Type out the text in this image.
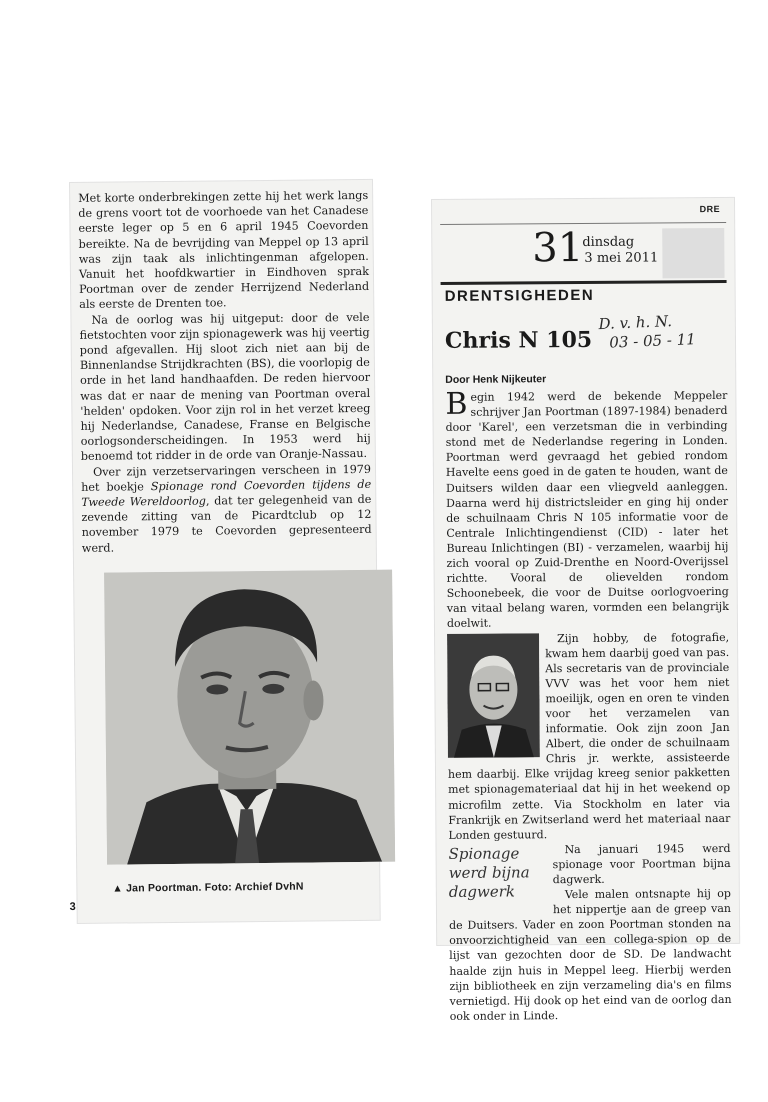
Met korte onderbrekingen zette hij het werk langs de grens voort tot de voorhoede van het Canadese eerste leger op 5 en 6 april 1945 Coevorden bereikte. Na de bevrijding van Meppel op 13 april was zijn taak als inlichtingenman afgelopen. Vanuit het hoofdkwartier in Eindhoven sprak Poortman over de zender Herrijzend Nederland als eerste de Drenten toe.

Na de oorlog was hij uitgeput: door de vele fietstochten voor zijn spionagewerk was hij veertig pond afgevallen. Hij sloot zich niet aan bij de Binnenlandse Strijdkrachten (BS), die voorlopig de orde in het land handhaafden. De reden hiervoor was dat er naar de mening van Poortman overal 'helden' opdoken. Voor zijn rol in het verzet kreeg hij Nederlandse, Canadese, Franse en Belgische oorlogsonderscheidingen. In 1953 werd hij benoemd tot ridder in de orde van Oranje-Nassau.

Over zijn verzetservaringen verscheen in 1979 het boekje Spionage rond Coevorden tijdens de Tweede Wereldoorlog, dat ter gelegenheid van de zevende zitting van de Picardtclub op 12 november 1979 te Coevorden gepresenteerd werd.

▲ Jan Poortman. Foto: Archief DvhN
3
DRE
31
dinsdag
3 mei 2011
DRENTSIGHEDEN
Chris N 105
D. v. h. N.
03 - 05 - 11
Door Henk Nijkeuter

Begin 1942 werd de bekende Meppeler schrijver Jan Poortman (1897-1984) benaderd door 'Karel', een verzetsman die in verbinding stond met de Nederlandse regering in Londen. Poortman werd gevraagd het gebied rondom Havelte eens goed in de gaten te houden, want de Duitsers wilden daar een vliegveld aanleggen. Daarna werd hij districtsleider en ging hij onder de schuilnaam Chris N 105 informatie voor de Centrale Inlichtingendienst (CID) - later het Bureau Inlichtingen (BI) - verzamelen, waarbij hij zich vooral op Zuid-Drenthe en Noord-Overijssel richtte. Vooral de olievelden rondom Schoonebeek, die voor de Duitse oorlogvoering van vitaal belang waren, vormden een belangrijk doelwit.

Zijn hobby, de fotografie, kwam hem daarbij goed van pas. Als secretaris van de provinciale VVV was het voor hem niet moeilijk, ogen en oren te vinden voor het verzamelen van informatie. Ook zijn zoon Jan Albert, die onder de schuilnaam Chris jr. werkte, assisteerde hem daarbij. Elke vrijdag kreeg senior pakketten met spionagemateriaal dat hij in het weekend op microfilm zette. Via Stockholm en later via Frankrijk en Zwitserland werd het materiaal naar Londen gestuurd.

Spionage werd bijna dagwerk

Na januari 1945 werd spionage voor Poortman bijna dagwerk.

Vele malen ontsnapte hij op het nippertje aan de greep van de Duitsers. Vader en zoon Poortman stonden na onvoorzichtigheid van een collega-spion op de lijst van gezochten door de SD. De landwacht haalde zijn huis in Meppel leeg. Hierbij werden zijn bibliotheek en zijn verzameling dia's en films vernietigd. Hij dook op het eind van de oorlog dan ook onder in Linde.
